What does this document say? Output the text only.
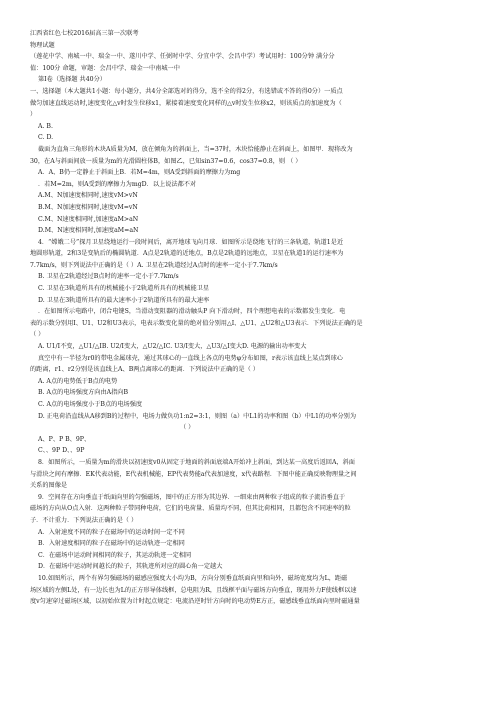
江西省红色七校2016届高三第一次联考
物理试题
（莲花中学、南城一中、瑞金一中、遂川中学、任弼时中学、分宜中学、会昌中学）考试用时：100分钟 满分分
值：100分 命题，审题：会昌中学、瑞金一中南城一中
第Ⅰ卷（选择题 共40分）
一、选择题（本大题共1小题：每小题分，共4分全部选对的得分，选不全的得2分，有选错或不答的得0分）一质点
做匀加速直线运动时,速度变化△v时发生位移x1，紧接着速度变化同样的△v时发生位移x2，则该质点的加速度为（
）
A. B.
C. D.
截面为直角三角形的木块A质量为M，放在倾角为的斜面上，当=37时，木块恰能静止在斜面上，如图甲．现将改为
30，在A与斜面间放一质量为m的光滑圆柱体B，如图乙，已知sin37=0.6，cos37=0.8，则 （ ）
A．A、B仍一定静止于斜面上B．若M=4m，则A受到斜面的摩擦力为mg
．若M=2m，则A受到的摩擦力为mgD．以上说法都不对
A.M、N加速度相同时,速度vM>vN
B.M、N加速度相同时,速度vM=vN
C.M、N速度相同时,加速度aM>aN
D.M、N速度相同时,加速度aM=aN
4．“嫦娥二号”探月卫星绕地运行一段时间后，离开地球飞向月球．如图所示是绕地飞行的三条轨道，轨道1是近
地圆形轨道，2和3是变轨后的椭圆轨道．A点是2轨道的近地点，B点是2轨道的远地点，卫星在轨道1的运行速率为
7.7km/s，则下列说法中正确的是（ ）A. 卫星在2轨道经过A点时的速率一定小于7.7km/s
B. 卫星在2轨道经过B点时的速率一定小于7.7km/s
C. 卫星在3轨道所具有的机械能小于2轨道所具有的机械能卫星
D. 卫星在3轨道所具有的最大速率小于2轨道所具有的最大速率
．在如图所示电路中，闭合电键S，当滑动变阻器的滑动触头P 向下滑动时，四个理想电表的示数都发生变化．电
表的示数分别用I、U1、U2和U3表示，电表示数变化量的绝对值分别用△I、△U1、△U2和△U3表示．下列说法正确的是
（ ）
A. U1/I不变，△U1/△IB. U2/I变大，△U2/△IC. U3/I变大，△U3/△I变大D. 电源的输出功率变大
真空中有一半径为r0的带电金属球壳，通过其球心的一直线上各点的电势φ分布如图，r表示该直线上某点到球心
的距离，r1、r2分别是该直线上A、B两点离球心的距离．下列说法中正确的是（ ）
A. A点的电势低于B点的电势
B. A点的电场强度方向由A指向B
C. A点的电场强度小于B点的电场强度
D. 正电荷沿直线从A移到B的过程中，电场力做负功1:n2=3:1，则图（a）中L1的功率和图（b）中L1的功率分别为
（ ）
A、P、P B、9P、
C、、9P D、、9P
8．如图所示，一质量为m的滑块以初速度v0从固定于地面的斜面底端A开始冲上斜面，到达某一高度后返回A，斜面
与滑块之间有摩擦．EK代表动能，E代表机械能，EP代表势能a代表加速度，x代表路程．下图中能正确反映物理量之间
关系的图像是
9．空间存在方向垂直于纸面向里的匀强磁场，图中的正方形为其边界．一细束由两种粒子组成的粒子流沿垂直于
磁场的方向从O点入射．这两种粒子带同种电荷，它们的电荷量、质量均不同，但其比荷相同，且都包含不同速率的粒
子．不计重力．下列说法正确的是（ ）
A．入射速度不同的粒子在磁场中的运动时间一定不同
B．入射速度相同的粒子在磁场中的运动轨迹一定相同
C．在磁场中运动时间相同的粒子，其运动轨迹一定相同
D．在磁场中运动时间越长的粒子，其轨迹所对应的圆心角一定越大
10.如图所示，两个有界匀强磁场的磁感应强度大小均为B，方向分别垂直纸面向里和向外，磁场宽度均为L，距磁
场区域的左侧L处，有一边长也为L的正方形导体线框，总电阻为R，且线框平面与磁场方向垂直，现用外力F使线框以速
度v匀速穿过磁场区域，以初始位置为计时起点规定：电流沿逆时针方向时的电动势E方正，磁感线垂直纸面向里时磁通量
